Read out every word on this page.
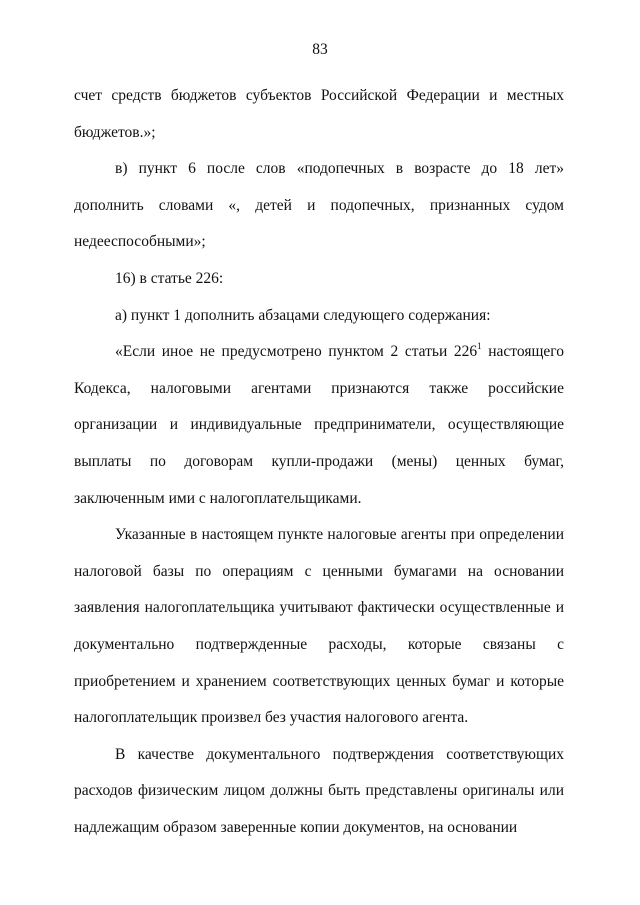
83

счет средств бюджетов субъектов Российской Федерации и местных бюджетов.»;

в) пункт 6 после слов «подопечных в возрасте до 18 лет» дополнить словами «, детей и подопечных, признанных судом недееспособными»;

16) в статье 226:

а) пункт 1 дополнить абзацами следующего содержания:

«Если иное не предусмотрено пунктом 2 статьи $226^1$ настоящего Кодекса, налоговыми агентами признаются также российские организации и индивидуальные предприниматели, осуществляющие выплаты по договорам купли-продажи (мены) ценных бумаг, заключенным ими с налогоплательщиками.

Указанные в настоящем пункте налоговые агенты при определении налоговой базы по операциям с ценными бумагами на основании заявления налогоплательщика учитывают фактически осуществленные и документально подтвержденные расходы, которые связаны с приобретением и хранением соответствующих ценных бумаг и которые налогоплательщик произвел без участия налогового агента.

В качестве документального подтверждения соответствующих расходов физическим лицом должны быть представлены оригиналы или надлежащим образом заверенные копии документов, на основании
